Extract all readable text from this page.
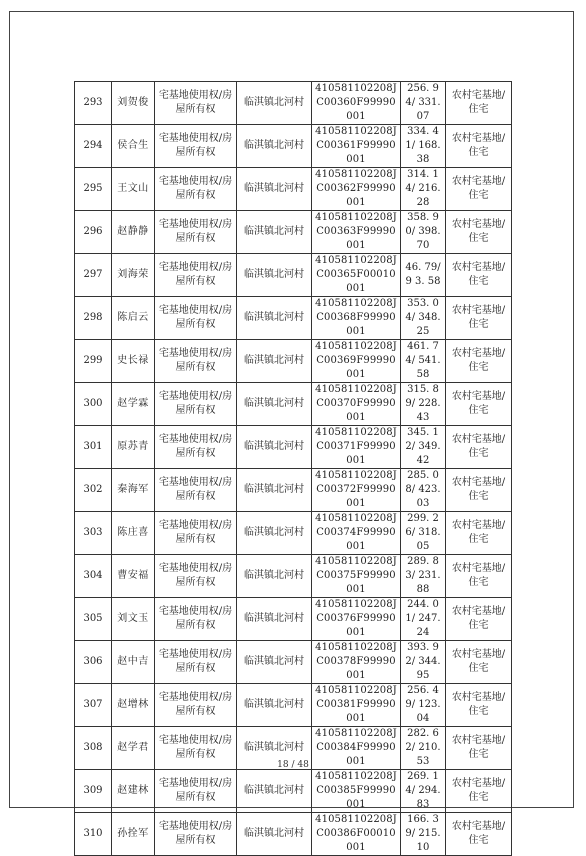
293	刘贺俊	宅基地使用权/房屋所有权	临淇镇北河村	410581102208JC00360F99990001	256. 94/ 331. 07	农村宅基地/住宅
294	侯合生	宅基地使用权/房屋所有权	临淇镇北河村	410581102208JC00361F99990001	334. 41/ 168. 38	农村宅基地/住宅
295	王文山	宅基地使用权/房屋所有权	临淇镇北河村	410581102208JC00362F99990001	314. 14/ 216. 28	农村宅基地/住宅
296	赵静静	宅基地使用权/房屋所有权	临淇镇北河村	410581102208JC00363F99990001	358. 90/ 398. 70	农村宅基地/住宅
297	刘海荣	宅基地使用权/房屋所有权	临淇镇北河村	410581102208JC00365F00010001	46. 79/9 3. 58	农村宅基地/住宅
298	陈启云	宅基地使用权/房屋所有权	临淇镇北河村	410581102208JC00368F99990001	353. 04/ 348. 25	农村宅基地/住宅
299	史长禄	宅基地使用权/房屋所有权	临淇镇北河村	410581102208JC00369F99990001	461. 74/ 541. 58	农村宅基地/住宅
300	赵学霖	宅基地使用权/房屋所有权	临淇镇北河村	410581102208JC00370F99990001	315. 89/ 228. 43	农村宅基地/住宅
301	原苏青	宅基地使用权/房屋所有权	临淇镇北河村	410581102208JC00371F99990001	345. 12/ 349. 42	农村宅基地/住宅
302	秦海军	宅基地使用权/房屋所有权	临淇镇北河村	410581102208JC00372F99990001	285. 08/ 423. 03	农村宅基地/住宅
303	陈庄喜	宅基地使用权/房屋所有权	临淇镇北河村	410581102208JC00374F99990001	299. 26/ 318. 05	农村宅基地/住宅
304	曹安福	宅基地使用权/房屋所有权	临淇镇北河村	410581102208JC00375F99990001	289. 83/ 231. 88	农村宅基地/住宅
305	刘文玉	宅基地使用权/房屋所有权	临淇镇北河村	410581102208JC00376F99990001	244. 01/ 247. 24	农村宅基地/住宅
306	赵中吉	宅基地使用权/房屋所有权	临淇镇北河村	410581102208JC00378F99990001	393. 92/ 344. 95	农村宅基地/住宅
307	赵增林	宅基地使用权/房屋所有权	临淇镇北河村	410581102208JC00381F99990001	256. 49/ 123. 04	农村宅基地/住宅
308	赵学君	宅基地使用权/房屋所有权	临淇镇北河村	410581102208JC00384F99990001	282. 62/ 210. 53	农村宅基地/住宅
309	赵建林	宅基地使用权/房屋所有权	临淇镇北河村	410581102208JC00385F99990001	269. 14/ 294. 83	农村宅基地/住宅
310	孙拴军	宅基地使用权/房屋所有权	临淇镇北河村	410581102208JC00386F00010001	166. 39/ 215. 10	农村宅基地/住宅
18 / 48
